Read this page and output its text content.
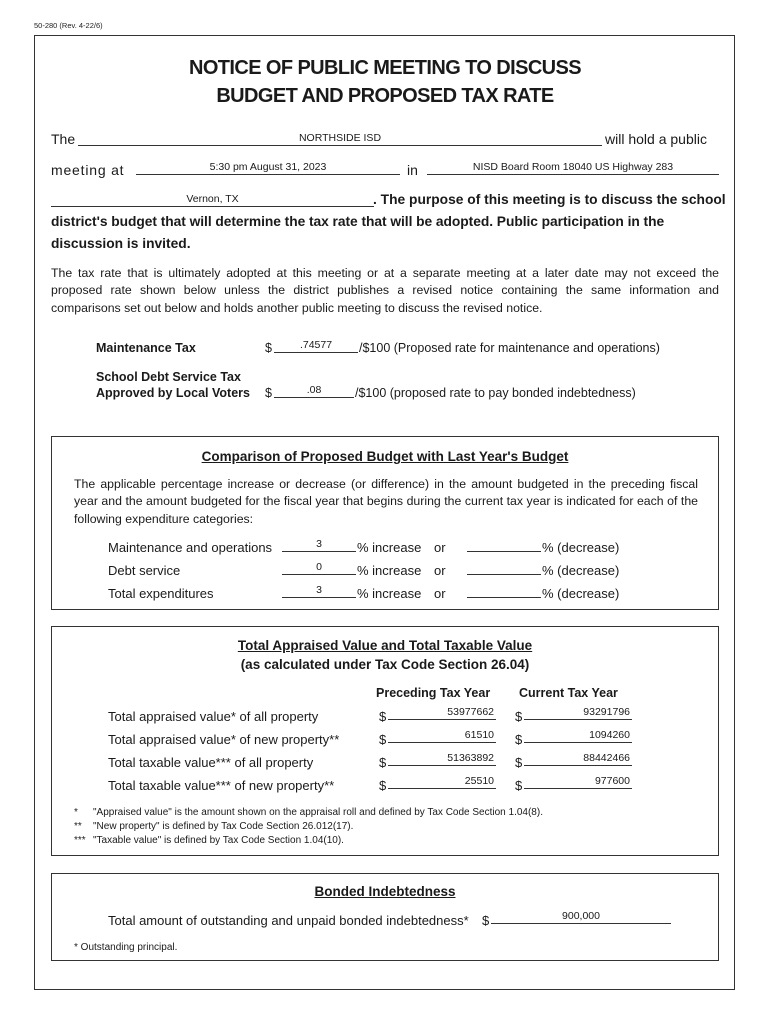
50-280 (Rev. 4-22/6)
NOTICE OF PUBLIC MEETING TO DISCUSS
BUDGET AND PROPOSED TAX RATE
The	NORTHSIDE ISD	will hold a public
meeting at	5:30 pm August 31, 2023	in	NISD Board Room 18040 US Highway 283
Vernon, TX	. The purpose of this meeting is to discuss the school
district's budget that will determine the tax rate that will be adopted. Public participation in the
discussion is invited.
The tax rate that is ultimately adopted at this meeting or at a separate meeting at a later date may not exceed the proposed rate shown below unless the district publishes a revised notice containing the same information and comparisons set out below and holds another public meeting to discuss the revised notice.
Maintenance Tax	$	.74577	/$100 (Proposed rate for maintenance and operations)
School Debt Service Tax
Approved by Local Voters $	.08	/$100 (proposed rate to pay bonded indebtedness)
Comparison of Proposed Budget with Last Year's Budget
The applicable percentage increase or decrease (or difference) in the amount budgeted in the preceding fiscal year and the amount budgeted for the fiscal year that begins during the current tax year is indicated for each of the following expenditure categories:
Maintenance and operations	3	% increase or	% (decrease)
Debt service	0	% increase or	% (decrease)
Total expenditures	3	% increase or	% (decrease)
Total Appraised Value and Total Taxable Value
(as calculated under Tax Code Section 26.04)
Preceding Tax Year Current Tax Year
Total appraised value* of all property	$	53977662 $	93291796
Total appraised value* of new property**	$	61510 $	1094260
Total taxable value*** of all property	$	51363892 $	88442466
Total taxable value*** of new property**	$	25510 $	977600
* "Appraised value" is the amount shown on the appraisal roll and defined by Tax Code Section 1.04(8).
** "New property" is defined by Tax Code Section 26.012(17).
*** "Taxable value" is defined by Tax Code Section 1.04(10).
Bonded Indebtedness
Total amount of outstanding and unpaid bonded indebtedness* $	900,000
* Outstanding principal.
